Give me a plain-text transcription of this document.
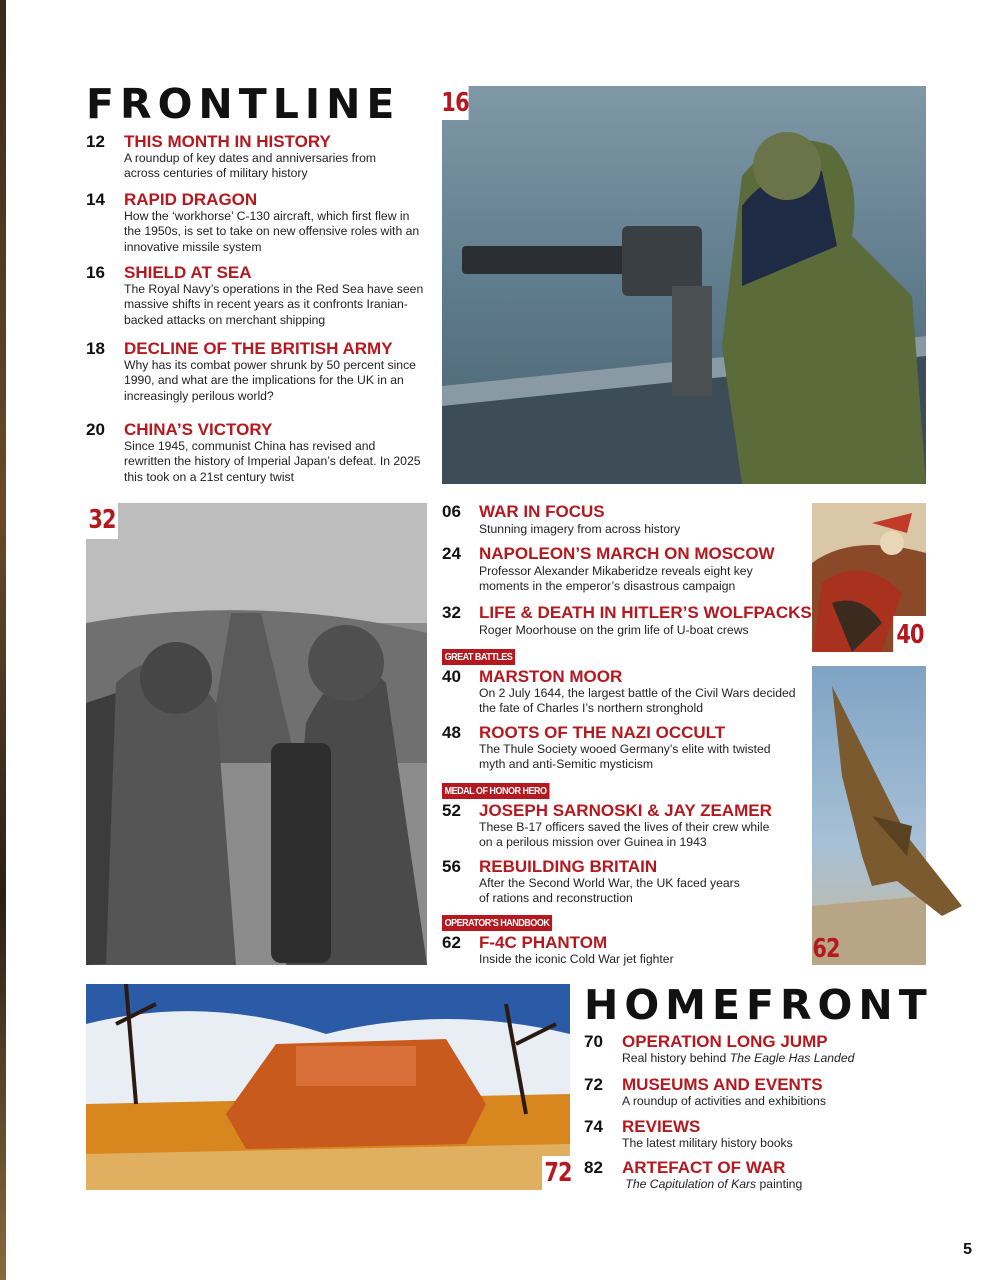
FRONTLINE
12 THIS MONTH IN HISTORY
A roundup of key dates and anniversaries from across centuries of military history
14 RAPID DRAGON
How the ‘workhorse’ C-130 aircraft, which first flew in the 1950s, is set to take on new offensive roles with an innovative missile system
16 SHIELD AT SEA
The Royal Navy’s operations in the Red Sea have seen massive shifts in recent years as it confronts Iranian-backed attacks on merchant shipping
18 DECLINE OF THE BRITISH ARMY
Why has its combat power shrunk by 50 percent since 1990, and what are the implications for the UK in an increasingly perilous world?
20 CHINA’S VICTORY
Since 1945, communist China has revised and rewritten the history of Imperial Japan’s defeat. In 2025 this took on a 21st century twist
16
32	06 WAR IN FOCUS
Stunning imagery from across history
24 NAPOLEON’S MARCH ON MOSCOW
Professor Alexander Mikaberidze reveals eight key moments in the emperor’s disastrous campaign
32 LIFE & DEATH IN HITLER’S WOLFPACKS
Roger Moorhouse on the grim life of U-boat crews
GREAT BATTLES
40 MARSTON MOOR
On 2 July 1644, the largest battle of the Civil Wars decided the fate of Charles I’s northern stronghold
48 ROOTS OF THE NAZI OCCULT
The Thule Society wooed Germany’s elite with twisted myth and anti-Semitic mysticism
MEDAL OF HONOR HERO
52 JOSEPH SARNOSKI & JAY ZEAMER
These B-17 officers saved the lives of their crew while on a perilous mission over Guinea in 1943
56 REBUILDING BRITAIN
After the Second World War, the UK faced years of rations and reconstruction
OPERATOR’S HANDBOOK
62 F-4C PHANTOM
Inside the iconic Cold War jet fighter
40
62
72
HOMEFRONT
70 OPERATION LONG JUMP
Real history behind The Eagle Has Landed
72 MUSEUMS AND EVENTS
A roundup of activities and exhibitions
74 REVIEWS
The latest military history books
82 ARTEFACT OF WAR
The Capitulation of Kars painting
5
